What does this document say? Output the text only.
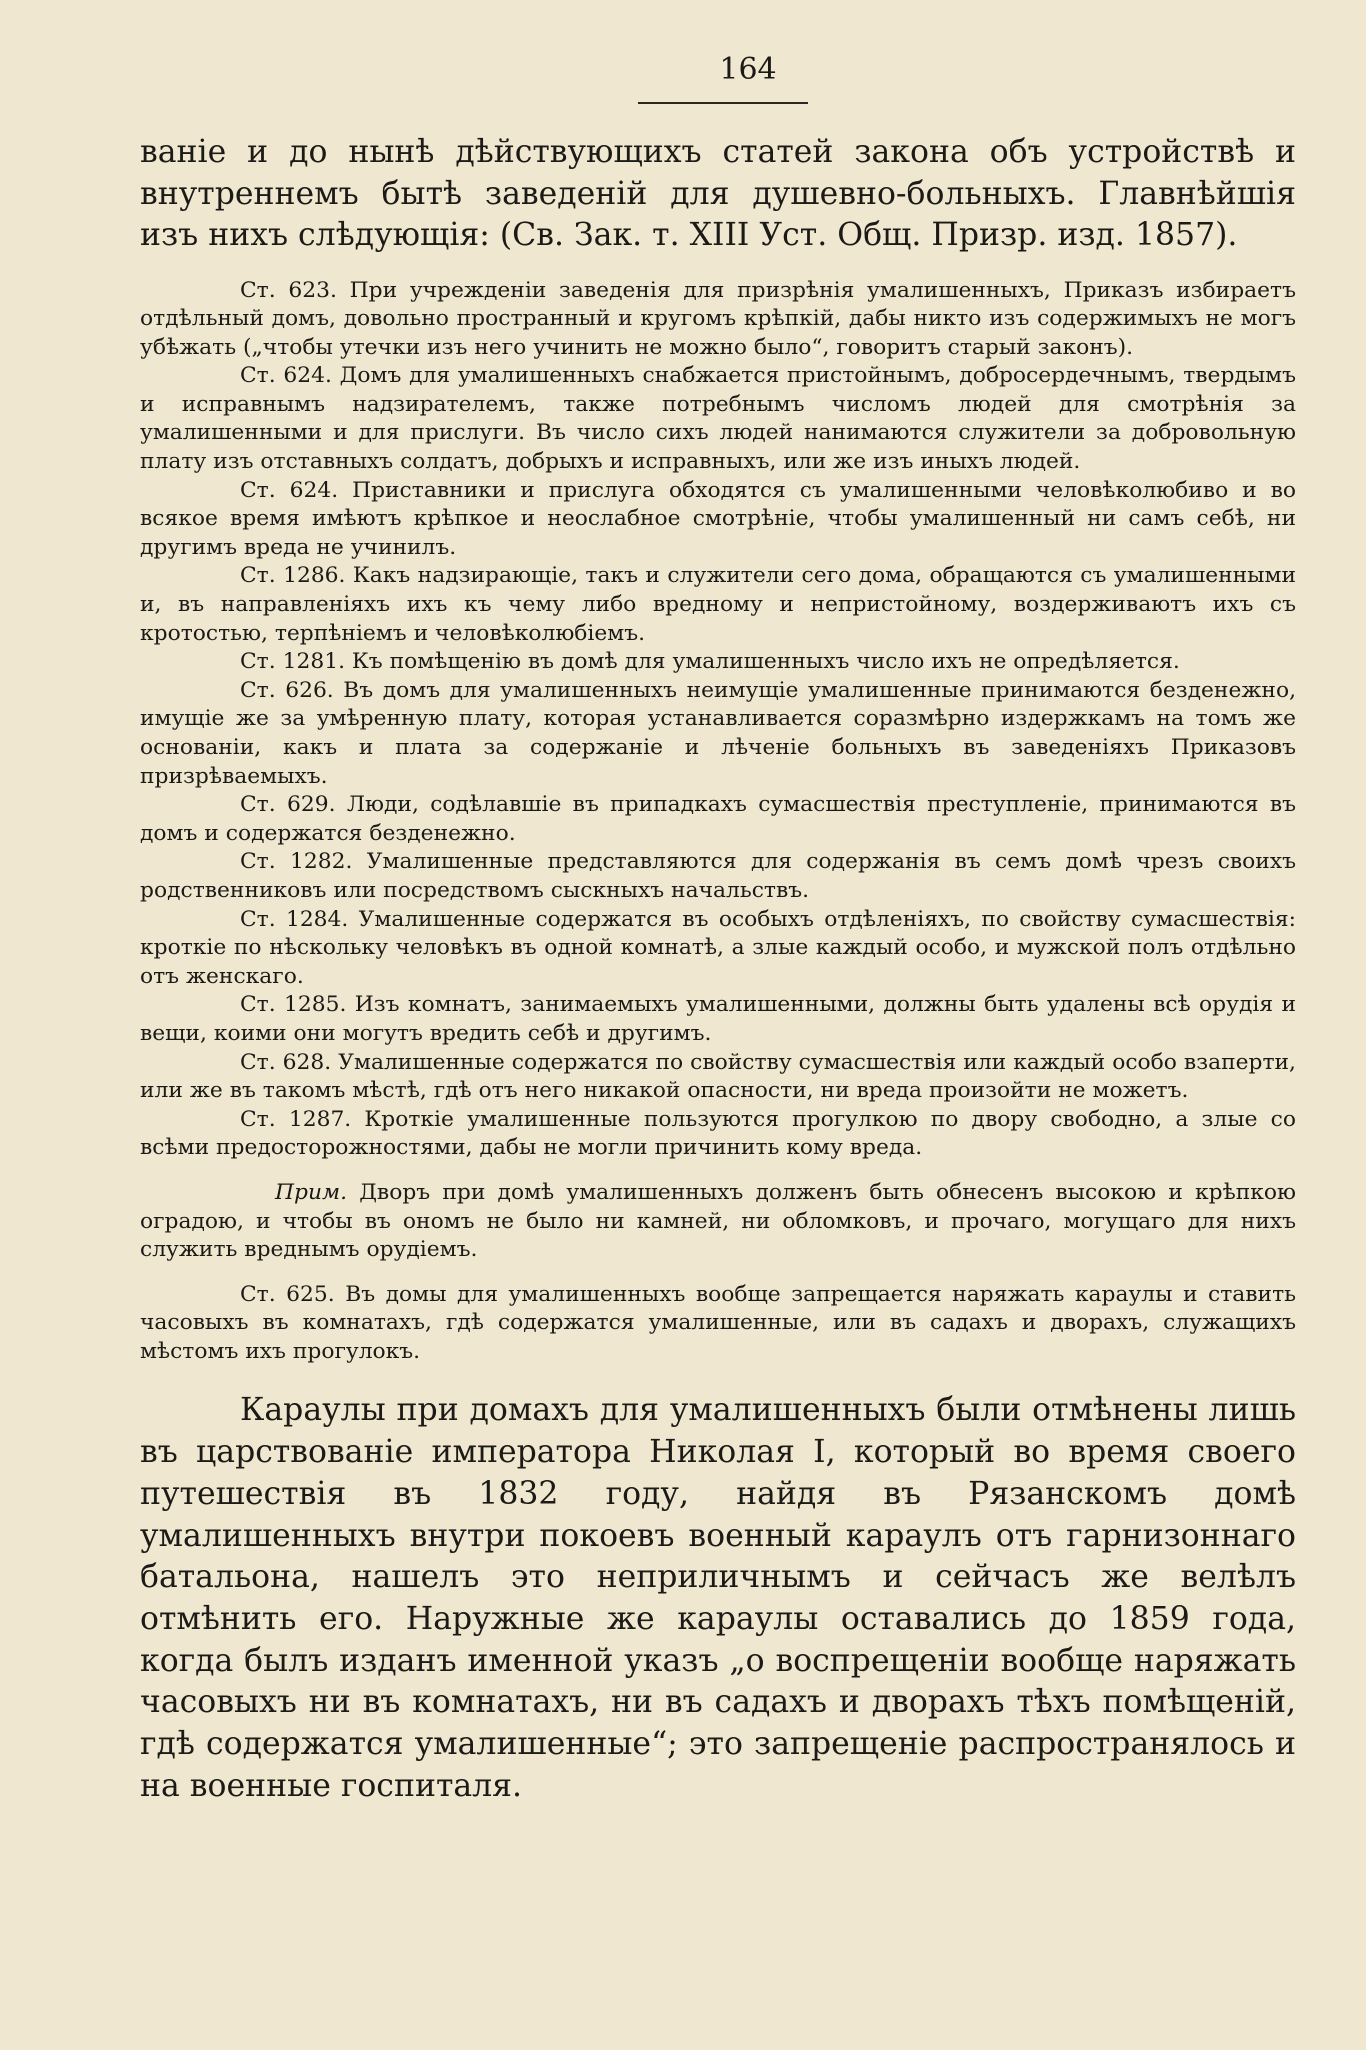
164

ваніе и до нынѣ дѣйствующихъ статей закона объ устройствѣ и внутреннемъ бытѣ заведеній для душевно-больныхъ. Главнѣйшія изъ нихъ слѣдующія: (Св. Зак. т. XIII Уст. Общ. Призр. изд. 1857).

Ст. 623. При учрежденіи заведенія для призрѣнія умалишенныхъ, Приказъ избираетъ отдѣльный домъ, довольно пространный и кругомъ крѣпкій, дабы никто изъ содержимыхъ не могъ убѣжать („чтобы утечки изъ него учинить не можно было“, говоритъ старый законъ).

Ст. 624. Домъ для умалишенныхъ снабжается пристойнымъ, добросердечнымъ, твердымъ и исправнымъ надзирателемъ, также потребнымъ числомъ людей для смотрѣнія за умалишенными и для прислуги. Въ число сихъ людей нанимаются служители за добровольную плату изъ отставныхъ солдатъ, добрыхъ и исправныхъ, или же изъ иныхъ людей.

Ст. 624. Приставники и прислуга обходятся съ умалишенными человѣколюбиво и во всякое время имѣютъ крѣпкое и неослабное смотрѣніе, чтобы умалишенный ни самъ себѣ, ни другимъ вреда не учинилъ.

Ст. 1286. Какъ надзирающіе, такъ и служители сего дома, обращаются съ умалишенными и, въ направленіяхъ ихъ къ чему либо вредному и непристойному, воздерживаютъ ихъ съ кротостью, терпѣніемъ и человѣколюбіемъ.

Ст. 1281. Къ помѣщенію въ домѣ для умалишенныхъ число ихъ не опредѣляется.

Ст. 626. Въ домъ для умалишенныхъ неимущіе умалишенные принимаются безденежно, имущіе же за умѣренную плату, которая устанавливается соразмѣрно издержкамъ на томъ же основаніи, какъ и плата за содержаніе и лѣченіе больныхъ въ заведеніяхъ Приказовъ призрѣваемыхъ.

Ст. 629. Люди, содѣлавшіе въ припадкахъ сумасшествія преступленіе, принимаются въ домъ и содержатся безденежно.

Ст. 1282. Умалишенные представляются для содержанія въ семъ домѣ чрезъ своихъ родственниковъ или посредствомъ сыскныхъ начальствъ.

Ст. 1284. Умалишенные содержатся въ особыхъ отдѣленіяхъ, по свойству сумасшествія: кроткіе по нѣскольку человѣкъ въ одной комнатѣ, а злые каждый особо, и мужской полъ отдѣльно отъ женскаго.

Ст. 1285. Изъ комнатъ, занимаемыхъ умалишенными, должны быть удалены всѣ орудія и вещи, коими они могутъ вредить себѣ и другимъ.

Ст. 628. Умалишенные содержатся по свойству сумасшествія или каждый особо взаперти, или же въ такомъ мѣстѣ, гдѣ отъ него никакой опасности, ни вреда произойти не можетъ.

Ст. 1287. Кроткіе умалишенные пользуются прогулкою по двору свободно, а злые со всѣми предосторожностями, дабы не могли причинить кому вреда.

Прим. Дворъ при домѣ умалишенныхъ долженъ быть обнесенъ высокою и крѣпкою оградою, и чтобы въ ономъ не было ни камней, ни обломковъ, и прочаго, могущаго для нихъ служить вреднымъ орудіемъ.

Ст. 625. Въ домы для умалишенныхъ вообще запрещается наряжать караулы и ставить часовыхъ въ комнатахъ, гдѣ содержатся умалишенные, или въ садахъ и дворахъ, служащихъ мѣстомъ ихъ прогулокъ.

Караулы при домахъ для умалишенныхъ были отмѣнены лишь въ царствованіе императора Николая I, который во время своего путешествія въ 1832 году, найдя въ Рязанскомъ домѣ умалишенныхъ внутри покоевъ военный караулъ отъ гарнизоннаго батальона, нашелъ это неприличнымъ и сейчасъ же велѣлъ отмѣнить его. Наружные же караулы оставались до 1859 года, когда былъ изданъ именной указъ „о воспрещеніи вообще наряжать часовыхъ ни въ комнатахъ, ни въ садахъ и дворахъ тѣхъ помѣщеній, гдѣ содержатся умалишенные“; это запрещеніе распространялось и на военные госпиталя.
